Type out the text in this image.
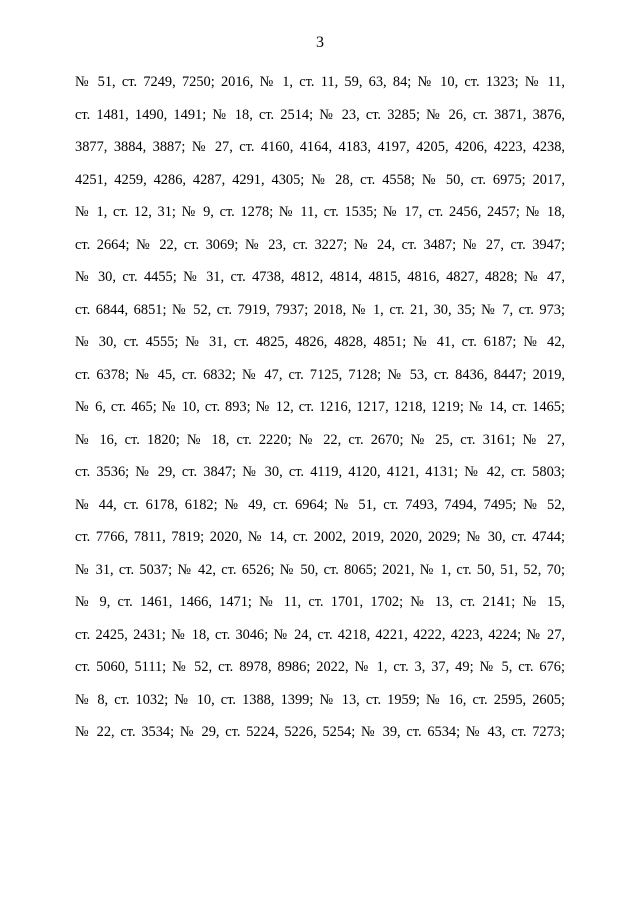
3
№ 51, ст. 7249, 7250; 2016, № 1, ст. 11, 59, 63, 84; № 10, ст. 1323; № 11,
ст. 1481, 1490, 1491; № 18, ст. 2514; № 23, ст. 3285; № 26, ст. 3871, 3876,
3877, 3884, 3887; № 27, ст. 4160, 4164, 4183, 4197, 4205, 4206, 4223, 4238,
4251, 4259, 4286, 4287, 4291, 4305; № 28, ст. 4558; № 50, ст. 6975; 2017,
№ 1, ст. 12, 31; № 9, ст. 1278; № 11, ст. 1535; № 17, ст. 2456, 2457; № 18,
ст. 2664; № 22, ст. 3069; № 23, ст. 3227; № 24, ст. 3487; № 27, ст. 3947;
№ 30, ст. 4455; № 31, ст. 4738, 4812, 4814, 4815, 4816, 4827, 4828; № 47,
ст. 6844, 6851; № 52, ст. 7919, 7937; 2018, № 1, ст. 21, 30, 35; № 7, ст. 973;
№ 30, ст. 4555; № 31, ст. 4825, 4826, 4828, 4851; № 41, ст. 6187; № 42,
ст. 6378; № 45, ст. 6832; № 47, ст. 7125, 7128; № 53, ст. 8436, 8447; 2019,
№ 6, ст. 465; № 10, ст. 893; № 12, ст. 1216, 1217, 1218, 1219; № 14, ст. 1465;
№ 16, ст. 1820; № 18, ст. 2220; № 22, ст. 2670; № 25, ст. 3161; № 27,
ст. 3536; № 29, ст. 3847; № 30, ст. 4119, 4120, 4121, 4131; № 42, ст. 5803;
№ 44, ст. 6178, 6182; № 49, ст. 6964; № 51, ст. 7493, 7494, 7495; № 52,
ст. 7766, 7811, 7819; 2020, № 14, ст. 2002, 2019, 2020, 2029; № 30, ст. 4744;
№ 31, ст. 5037; № 42, ст. 6526; № 50, ст. 8065; 2021, № 1, ст. 50, 51, 52, 70;
№ 9, ст. 1461, 1466, 1471; № 11, ст. 1701, 1702; № 13, ст. 2141; № 15,
ст. 2425, 2431; № 18, ст. 3046; № 24, ст. 4218, 4221, 4222, 4223, 4224; № 27,
ст. 5060, 5111; № 52, ст. 8978, 8986; 2022, № 1, ст. 3, 37, 49; № 5, ст. 676;
№ 8, ст. 1032; № 10, ст. 1388, 1399; № 13, ст. 1959; № 16, ст. 2595, 2605;
№ 22, ст. 3534; № 29, ст. 5224, 5226, 5254; № 39, ст. 6534; № 43, ст. 7273;
